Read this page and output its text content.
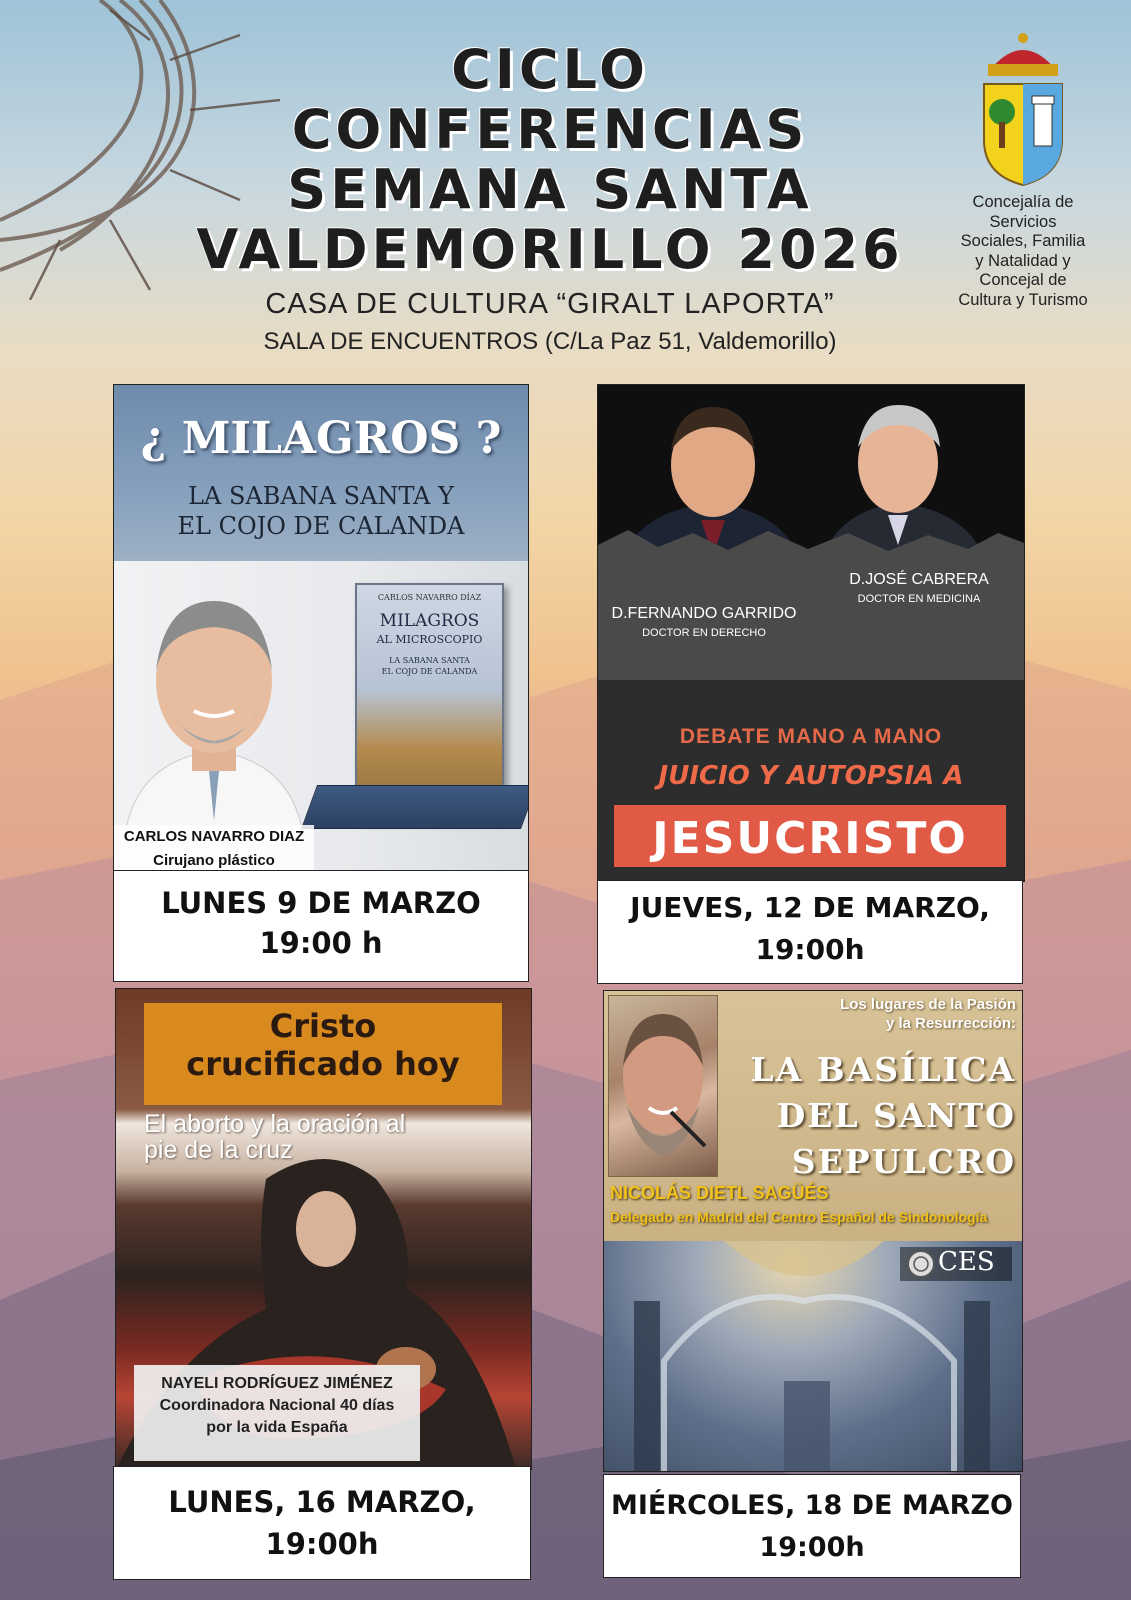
CICLO
CONFERENCIAS
SEMANA SANTA
VALDEMORILLO 2026
CASA DE CULTURA “GIRALT LAPORTA”
SALA DE ENCUENTROS (C/La Paz 51, Valdemorillo)
Concejalía de
Servicios
Sociales, Familia
y Natalidad y
Concejal de
Cultura y Turismo
¿ MILAGROS ?
LA SABANA SANTA Y
EL COJO DE CALANDA
CARLOS NAVARRO DÍAZ
MILAGROS
AL MICROSCOPIO
LA SABANA SANTA
EL COJO DE CALANDA
CARLOS NAVARRO DIAZ
Cirujano plástico
LUNES 9 DE MARZO
19:00 h
D.JOSÉ CABRERA
DOCTOR EN MEDICINA
D.FERNANDO GARRIDO
DOCTOR EN DERECHO
DEBATE MANO A MANO
JUICIO Y AUTOPSIA A
JESUCRISTO
JUEVES, 12 DE MARZO,
19:00h
Cristo
crucificado hoy
El aborto y la oración al
pie de la cruz
NAYELI RODRÍGUEZ JIMÉNEZ
Coordinadora Nacional 40 días
por la vida España
LUNES, 16 MARZO,
19:00h
Los lugares de la Pasión
y la Resurrección:
LA BASÍLICA
DEL SANTO
SEPULCRO
NICOLÁS DIETL SAGÜÉS
Delegado en Madrid del Centro Español de Sindonología
CES
MIÉRCOLES, 18 DE MARZO
19:00h
